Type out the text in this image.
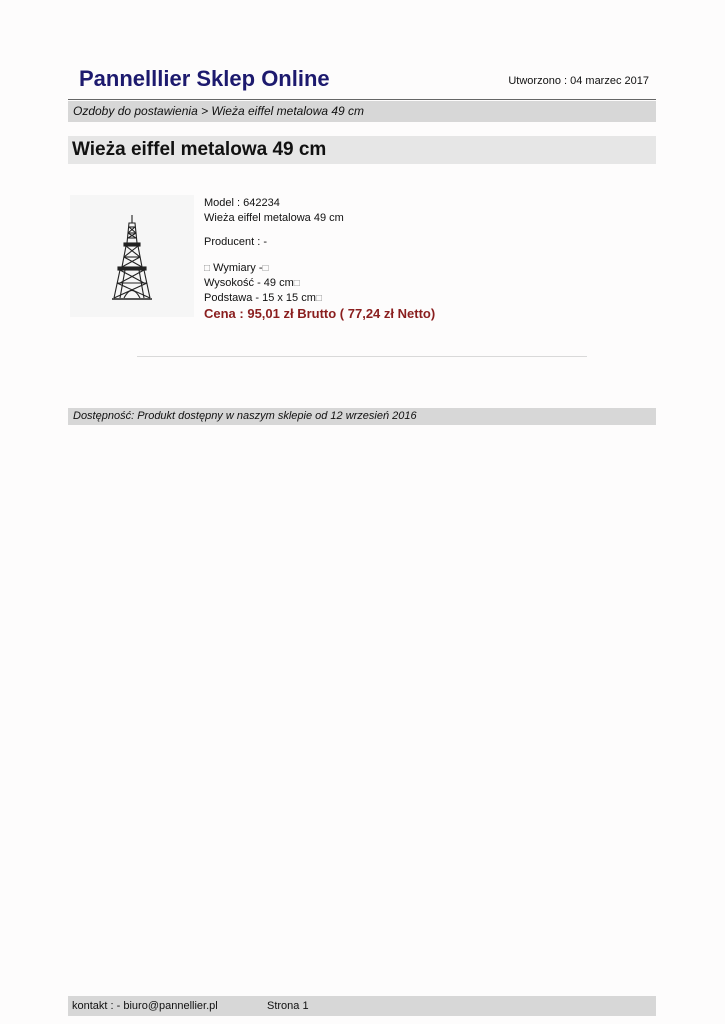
Pannelllier Sklep Online	Utworzono : 04 marzec 2017
Ozdoby do postawienia > Wieża eiffel metalowa 49 cm
Wieża eiffel metalowa 49 cm
Model : 642234
Wieża eiffel metalowa 49 cm
Producent : -
□ Wymiary -□
Wysokość - 49 cm□
Podstawa - 15 x 15 cm□
Cena : 95,01 zł Brutto ( 77,24 zł Netto)
Dostępność: Produkt dostępny w naszym sklepie od 12 wrzesień 2016
kontakt : - biuro@pannellier.pl	Strona 1
